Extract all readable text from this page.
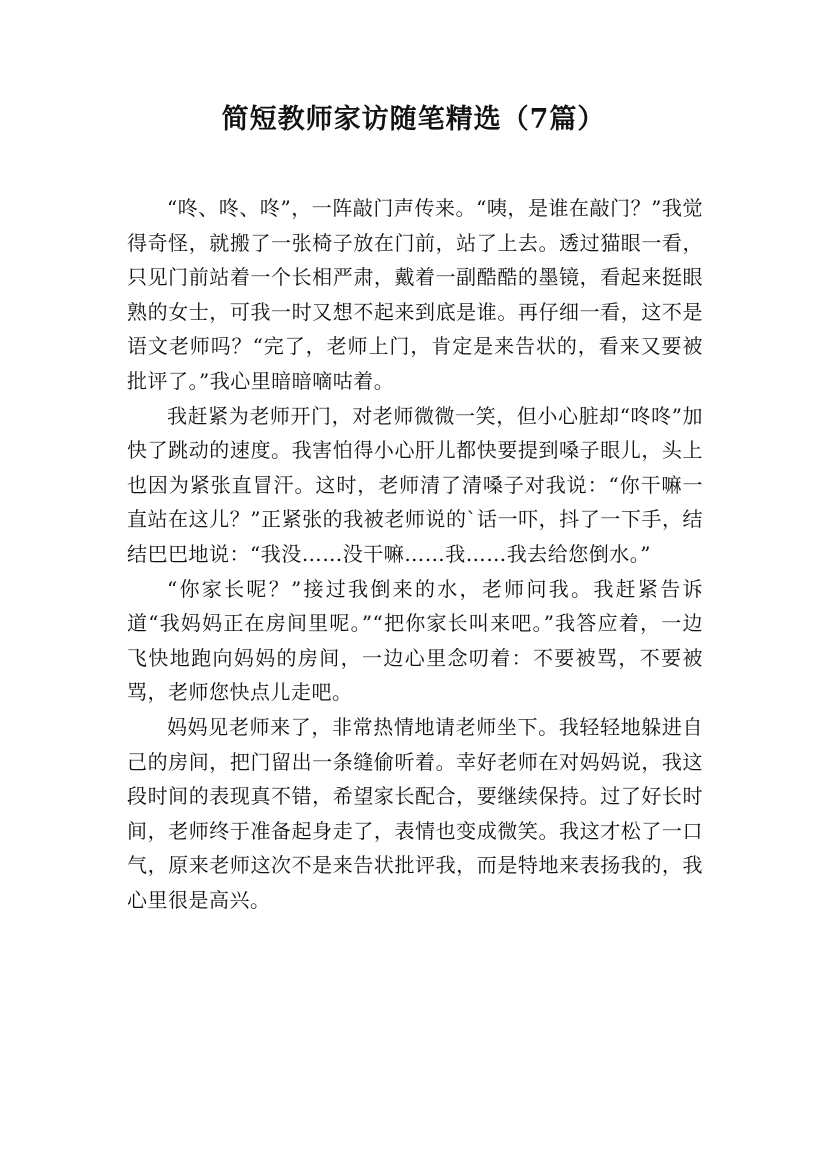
简短教师家访随笔精选（7篇）

“咚、咚、咚”，一阵敲门声传来。“咦，是谁在敲门？”我觉得奇怪，就搬了一张椅子放在门前，站了上去。透过猫眼一看，只见门前站着一个长相严肃，戴着一副酷酷的墨镜，看起来挺眼熟的女士，可我一时又想不起来到底是谁。再仔细一看，这不是语文老师吗？“完了，老师上门，肯定是来告状的，看来又要被批评了。”我心里暗暗嘀咕着。

我赶紧为老师开门，对老师微微一笑，但小心脏却“咚咚”加快了跳动的速度。我害怕得小心肝儿都快要提到嗓子眼儿，头上也因为紧张直冒汗。这时，老师清了清嗓子对我说：“你干嘛一直站在这儿？”正紧张的我被老师说的`话一吓，抖了一下手，结结巴巴地说：“我没……没干嘛……我……我去给您倒水。”

“你家长呢？”接过我倒来的水，老师问我。我赶紧告诉道“我妈妈正在房间里呢。”“把你家长叫来吧。”我答应着，一边飞快地跑向妈妈的房间，一边心里念叨着：不要被骂，不要被骂，老师您快点儿走吧。

妈妈见老师来了，非常热情地请老师坐下。我轻轻地躲进自己的房间，把门留出一条缝偷听着。幸好老师在对妈妈说，我这段时间的表现真不错，希望家长配合，要继续保持。过了好长时间，老师终于准备起身走了，表情也变成微笑。我这才松了一口气，原来老师这次不是来告状批评我，而是特地来表扬我的，我心里很是高兴。
